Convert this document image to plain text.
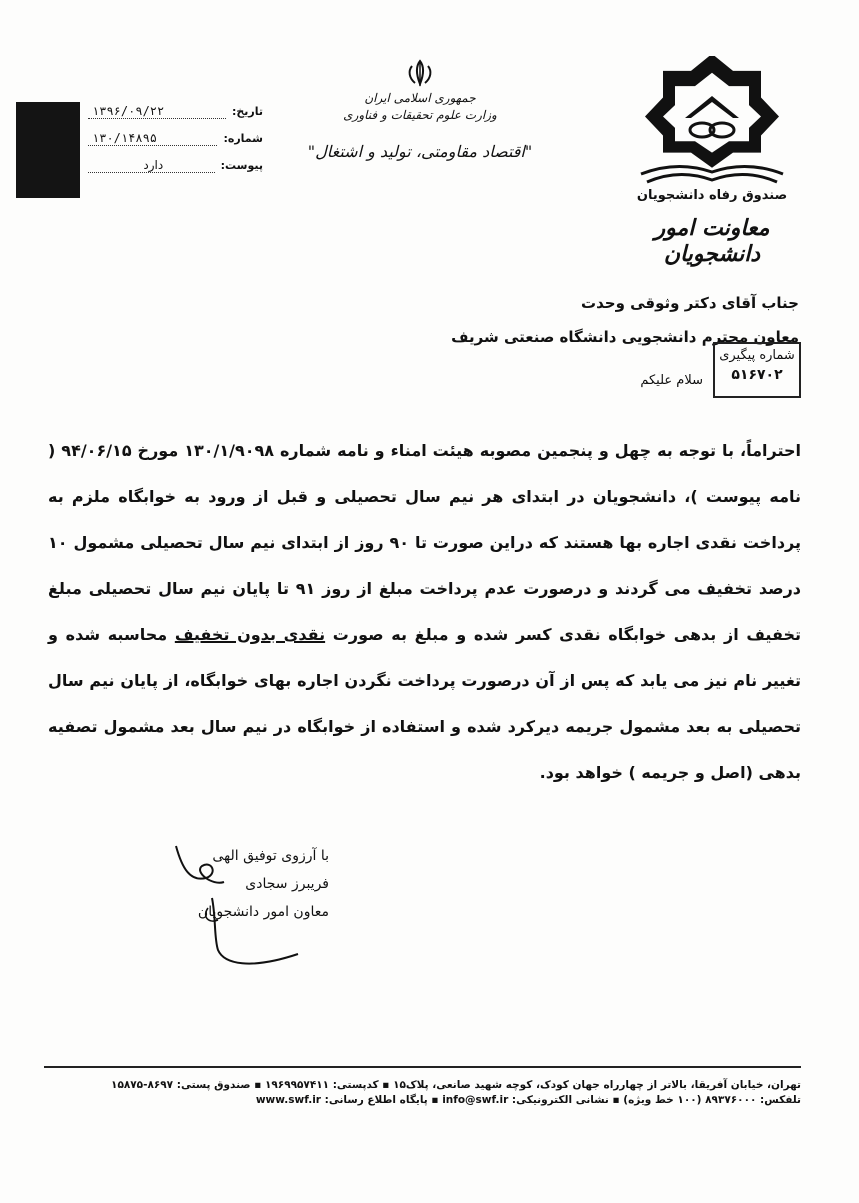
تاریخ:
۱۳۹۶/۰۹/۲۲
شماره:
۱۳۰/۱۴۸۹۵
پیوست:
دارد
جمهوری اسلامی ایران
وزارت علوم تحقیقات و فناوری
"اقتصاد مقاومتی، تولید و اشتغال"
صندوق رفاه دانشجویان
معاونت امور دانشجویان
جناب آقای دکتر وثوقی وحدت
معاون محترم دانشجویی دانشگاه صنعتی شریف
شماره پیگیری
۵۱۶۷۰۲
سلام علیکم
احتراماً، با توجه به چهل و پنجمین مصوبه هیئت امناء و نامه شماره ۱۳۰/۱/۹۰۹۸ مورخ ۹۴/۰۶/۱۵ ( نامه پیوست )، دانشجویان در ابتدای هر نیم سال تحصیلی و قبل از ورود به خوابگاه ملزم به پرداخت نقدی اجاره بها هستند که دراین صورت تا ۹۰ روز از ابتدای نیم سال تحصیلی مشمول ۱۰ درصد تخفیف می گردند و درصورت عدم پرداخت مبلغ از روز ۹۱ تا پایان نیم سال تحصیلی مبلغ تخفیف از بدهی خوابگاه نقدی کسر شده و مبلغ به صورت نقدی بدون تخفیف محاسبه شده و تغییر نام نیز می یابد که پس از آن درصورت پرداخت نگردن اجاره بهای خوابگاه، از پایان نیم سال تحصیلی به بعد مشمول جریمه دیرکرد شده و استفاده از خوابگاه در نیم سال بعد مشمول تصفیه بدهی (اصل و جریمه ) خواهد بود.
با آرزوی توفیق الهی
فریبرز سجادی
معاون امور دانشجویان
تهران، خیابان آفریقا، بالاتر از چهارراه جهان کودک، کوچه شهید صانعی، پلاک۱۵ ▪ کدپستی: ۱۹۶۹۹۵۷۴۱۱ ▪ صندوق پستی: ۸۶۹۷-۱۵۸۷۵
تلفکس: ۸۹۳۷۶۰۰۰ (۱۰۰ خط ویژه) ▪ نشانی الکترونیکی: info@swf.ir ▪ پایگاه اطلاع رسانی: www.swf.ir
